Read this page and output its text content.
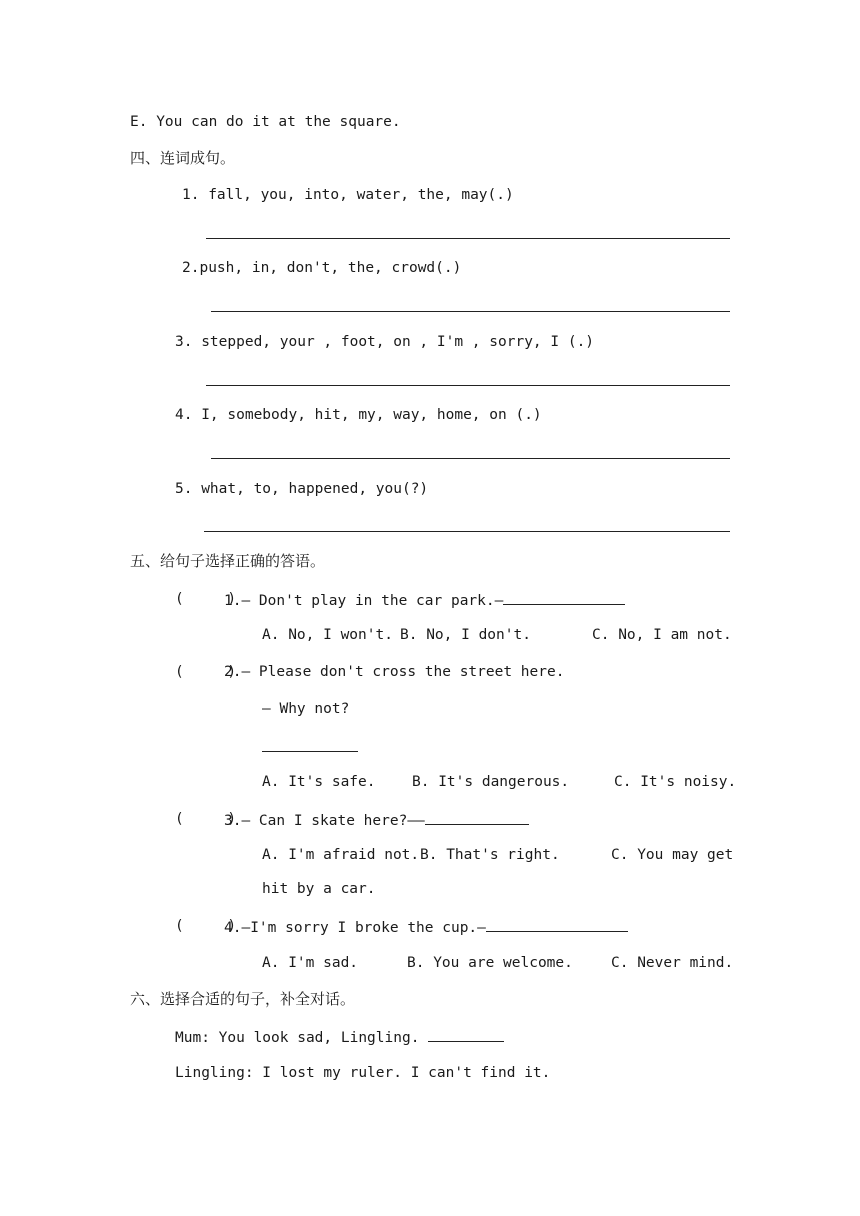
E. You can do it at the square.
四、连词成句。
1. fall, you, into, water, the, may(.)
2.push, in, don't, the, crowd(.)
3. stepped, your , foot, on , I'm , sorry, I (.)
4. I, somebody, hit, my, way, home, on (.)
5. what, to, happened, you(?)
五、给句子选择正确的答语。
(     )
1.— Don't play in the car park.—
A. No, I won't. B. No, I don't.	C. No, I am not.
(     )
2.— Please don't cross the street here.
— Why not?
A. It's safe.	B. It's dangerous.	C. It's noisy.
(     )
3.— Can I skate here?——
A. I'm afraid not. B. That's right.	C. You may get
hit by a car.
(     )
4.—I'm sorry I broke the cup.—
A. I'm sad.	B. You are welcome.	C. Never mind.
六、选择合适的句子，补全对话。
Mum: You look sad, Lingling.
Lingling: I lost my ruler. I can't find it.
